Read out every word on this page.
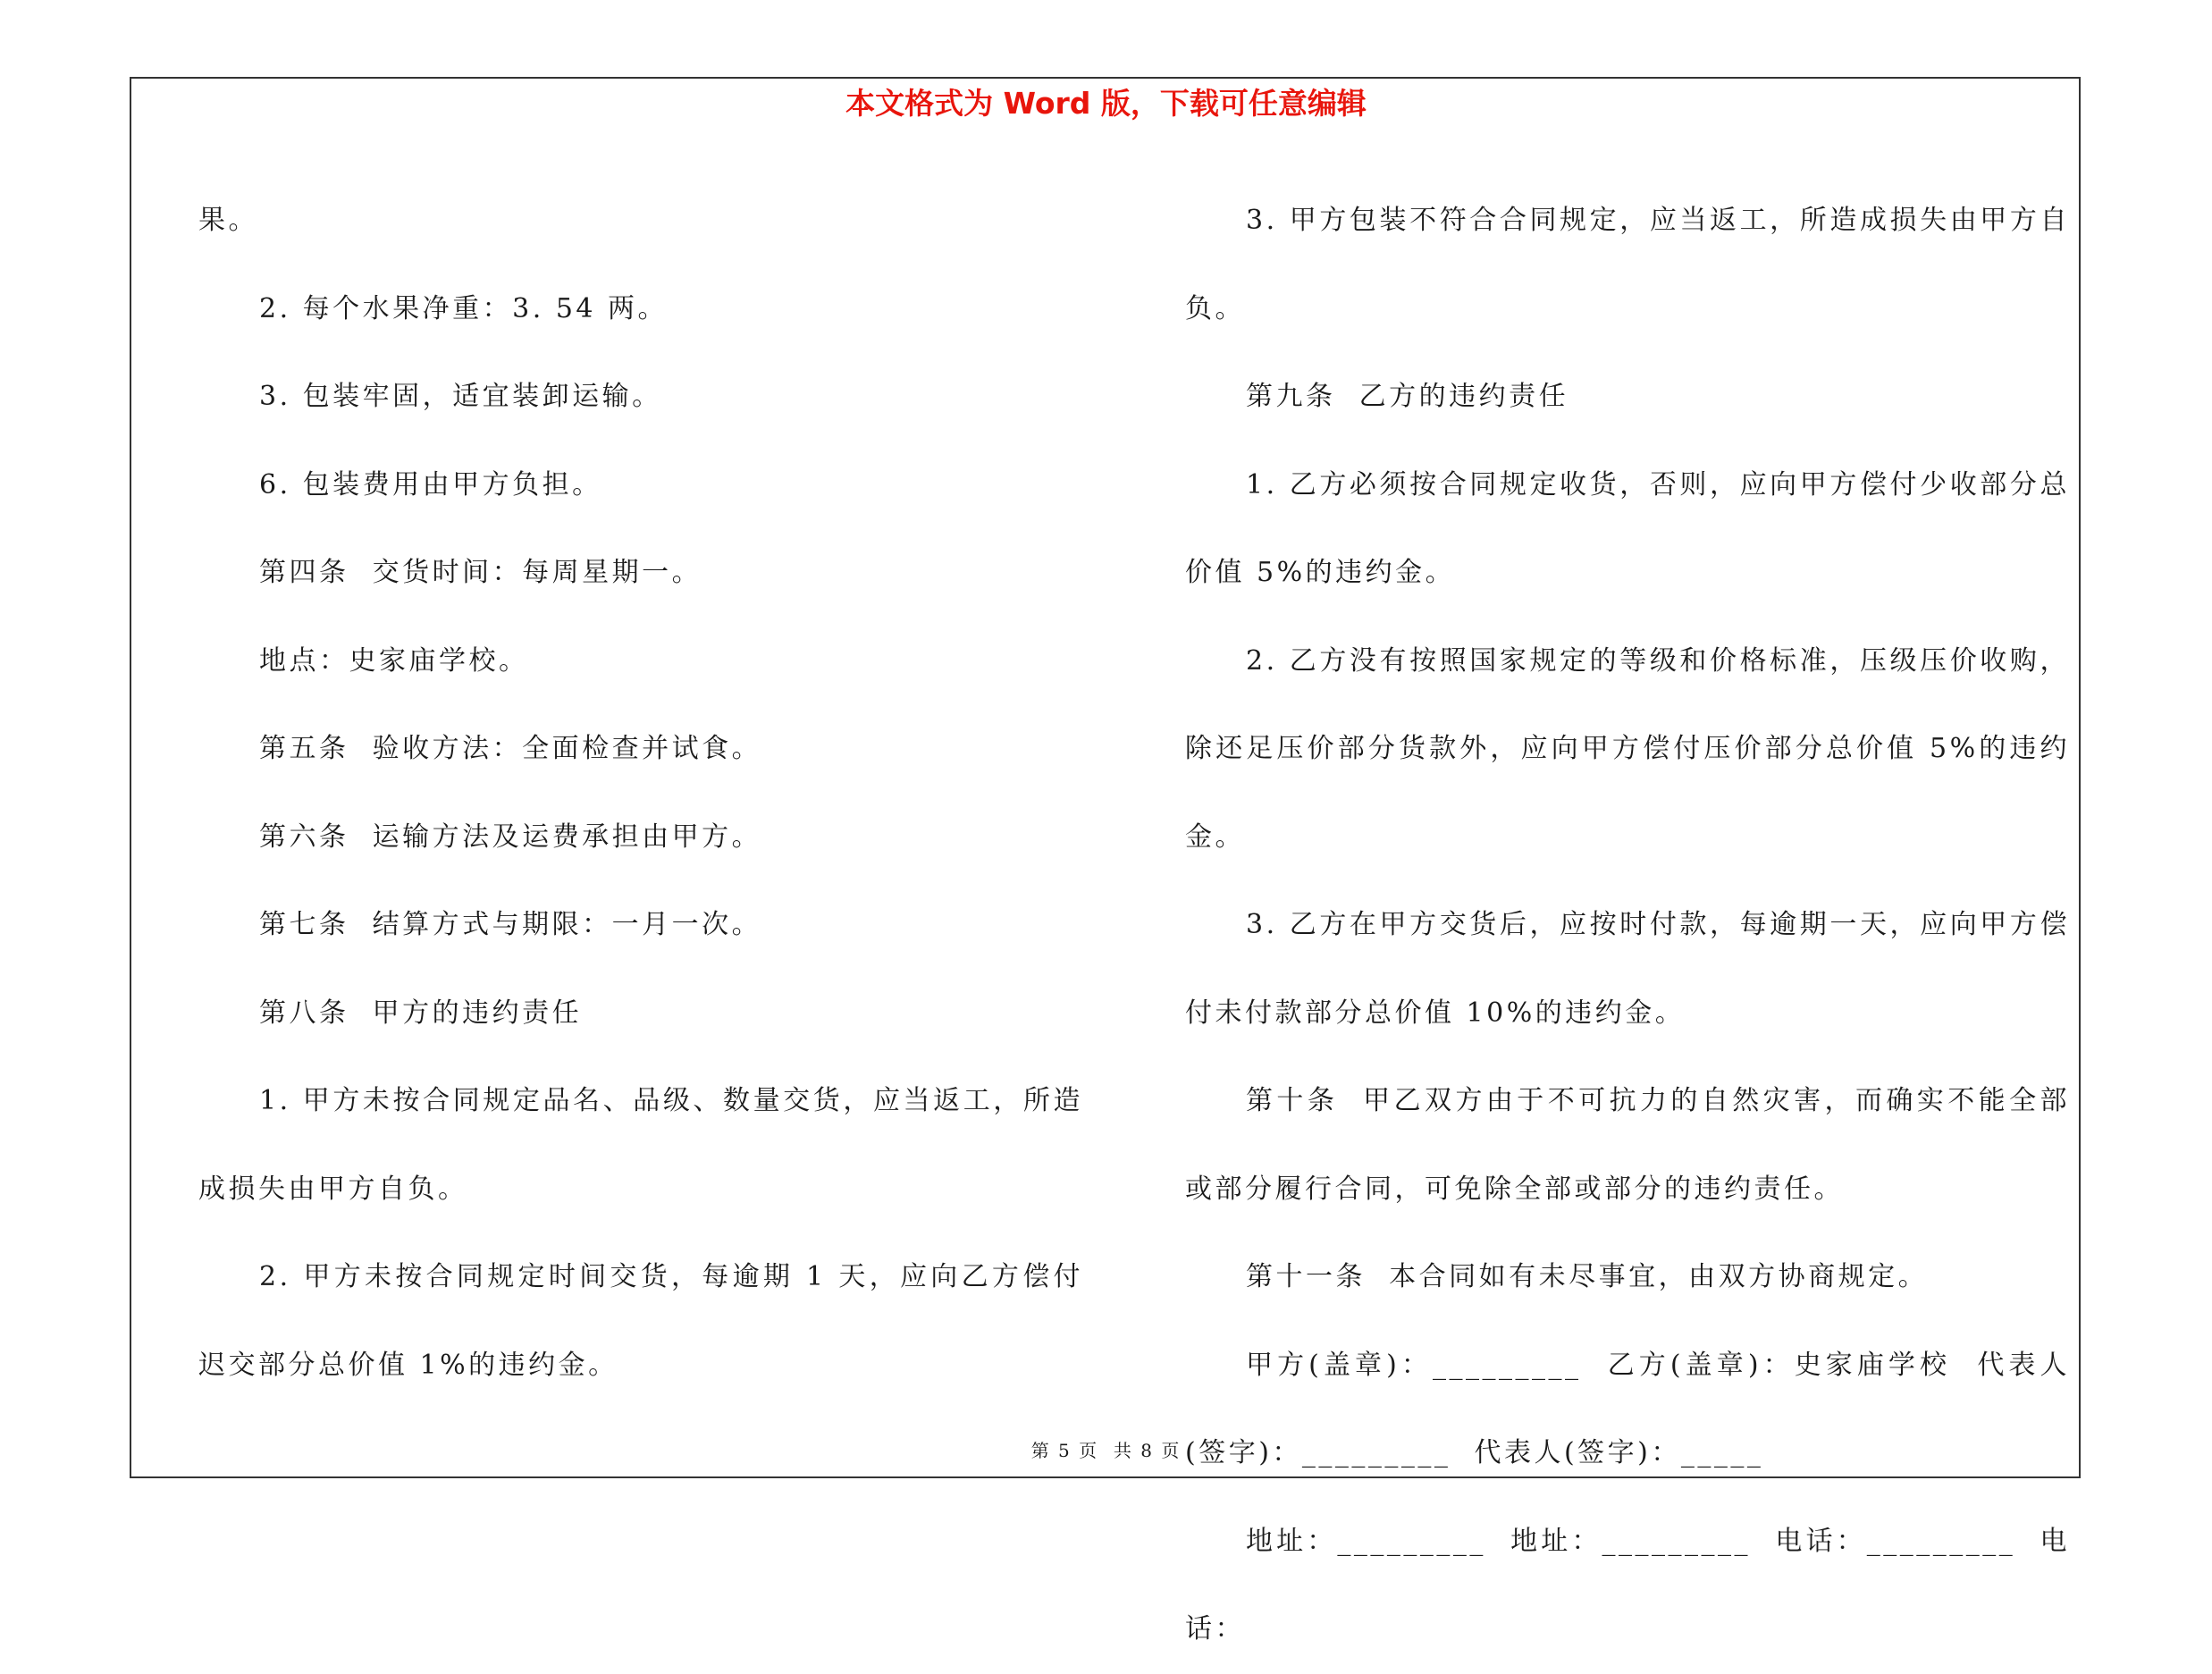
本文格式为 Word 版，下载可任意编辑

果。

2. 每个水果净重：3. 54 两。

3. 包装牢固，适宜装卸运输。

6. 包装费用由甲方负担。

第四条  交货时间：每周星期一。

地点：史家庙学校。

第五条  验收方法：全面检查并试食。

第六条  运输方法及运费承担由甲方。

第七条  结算方式与期限：一月一次。

第八条  甲方的违约责任

1. 甲方未按合同规定品名、品级、数量交货，应当返工，所造成损失由甲方自负。

2. 甲方未按合同规定时间交货，每逾期 1 天，应向乙方偿付迟交部分总价值 1%的违约金。

3. 甲方包装不符合合同规定，应当返工，所造成损失由甲方自负。

第九条  乙方的违约责任

1. 乙方必须按合同规定收货，否则，应向甲方偿付少收部分总价值 5%的违约金。

2. 乙方没有按照国家规定的等级和价格标准，压级压价收购，除还足压价部分货款外，应向甲方偿付压价部分总价值 5%的违约金。

3. 乙方在甲方交货后，应按时付款，每逾期一天，应向甲方偿付未付款部分总价值 10%的违约金。

第十条  甲乙双方由于不可抗力的自然灾害，而确实不能全部或部分履行合同，可免除全部或部分的违约责任。

第十一条  本合同如有未尽事宜，由双方协商规定。

甲方(盖章)：_________  乙方(盖章)：史家庙学校  代表人(签字)：_________  代表人(签字)：_____

地址：_________  地址：_________  电话：_________  电话：

第 5 页  共 8 页
